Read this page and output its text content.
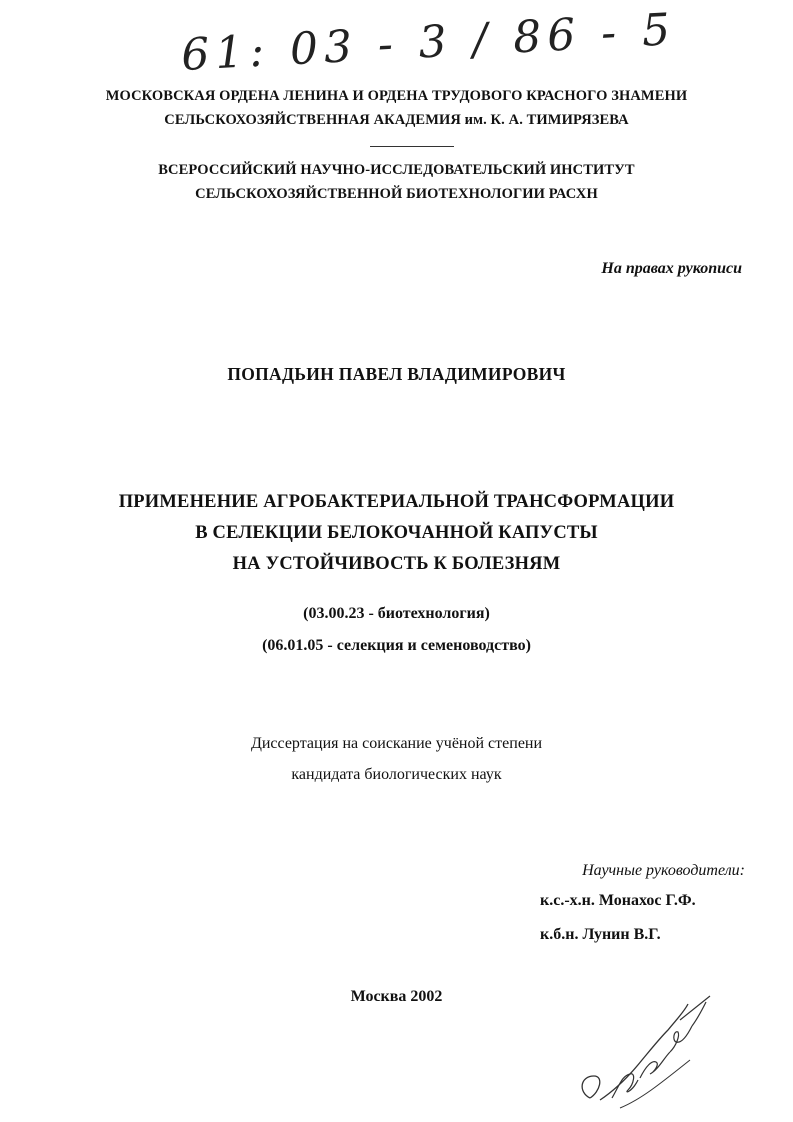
61: 03 - 3 / 86 - 5
МОСКОВСКАЯ ОРДЕНА ЛЕНИНА И ОРДЕНА ТРУДОВОГО КРАСНОГО ЗНАМЕНИ
СЕЛЬСКОХОЗЯЙСТВЕННАЯ АКАДЕМИЯ им. К. А. ТИМИРЯЗЕВА
ВСЕРОССИЙСКИЙ НАУЧНО-ИССЛЕДОВАТЕЛЬСКИЙ ИНСТИТУТ
СЕЛЬСКОХОЗЯЙСТВЕННОЙ БИОТЕХНОЛОГИИ РАСХН
На правах рукописи
ПОПАДЬИН ПАВЕЛ ВЛАДИМИРОВИЧ
ПРИМЕНЕНИЕ АГРОБАКТЕРИАЛЬНОЙ ТРАНСФОРМАЦИИ
В СЕЛЕКЦИИ БЕЛОКОЧАННОЙ КАПУСТЫ
НА УСТОЙЧИВОСТЬ К БОЛЕЗНЯМ
(03.00.23 - биотехнология)
(06.01.05 - селекция и семеноводство)
Диссертация на соискание учёной степени
кандидата биологических наук
Научные руководители:
к.с.-х.н. Монахос Г.Ф.
к.б.н. Лунин В.Г.
Москва 2002
